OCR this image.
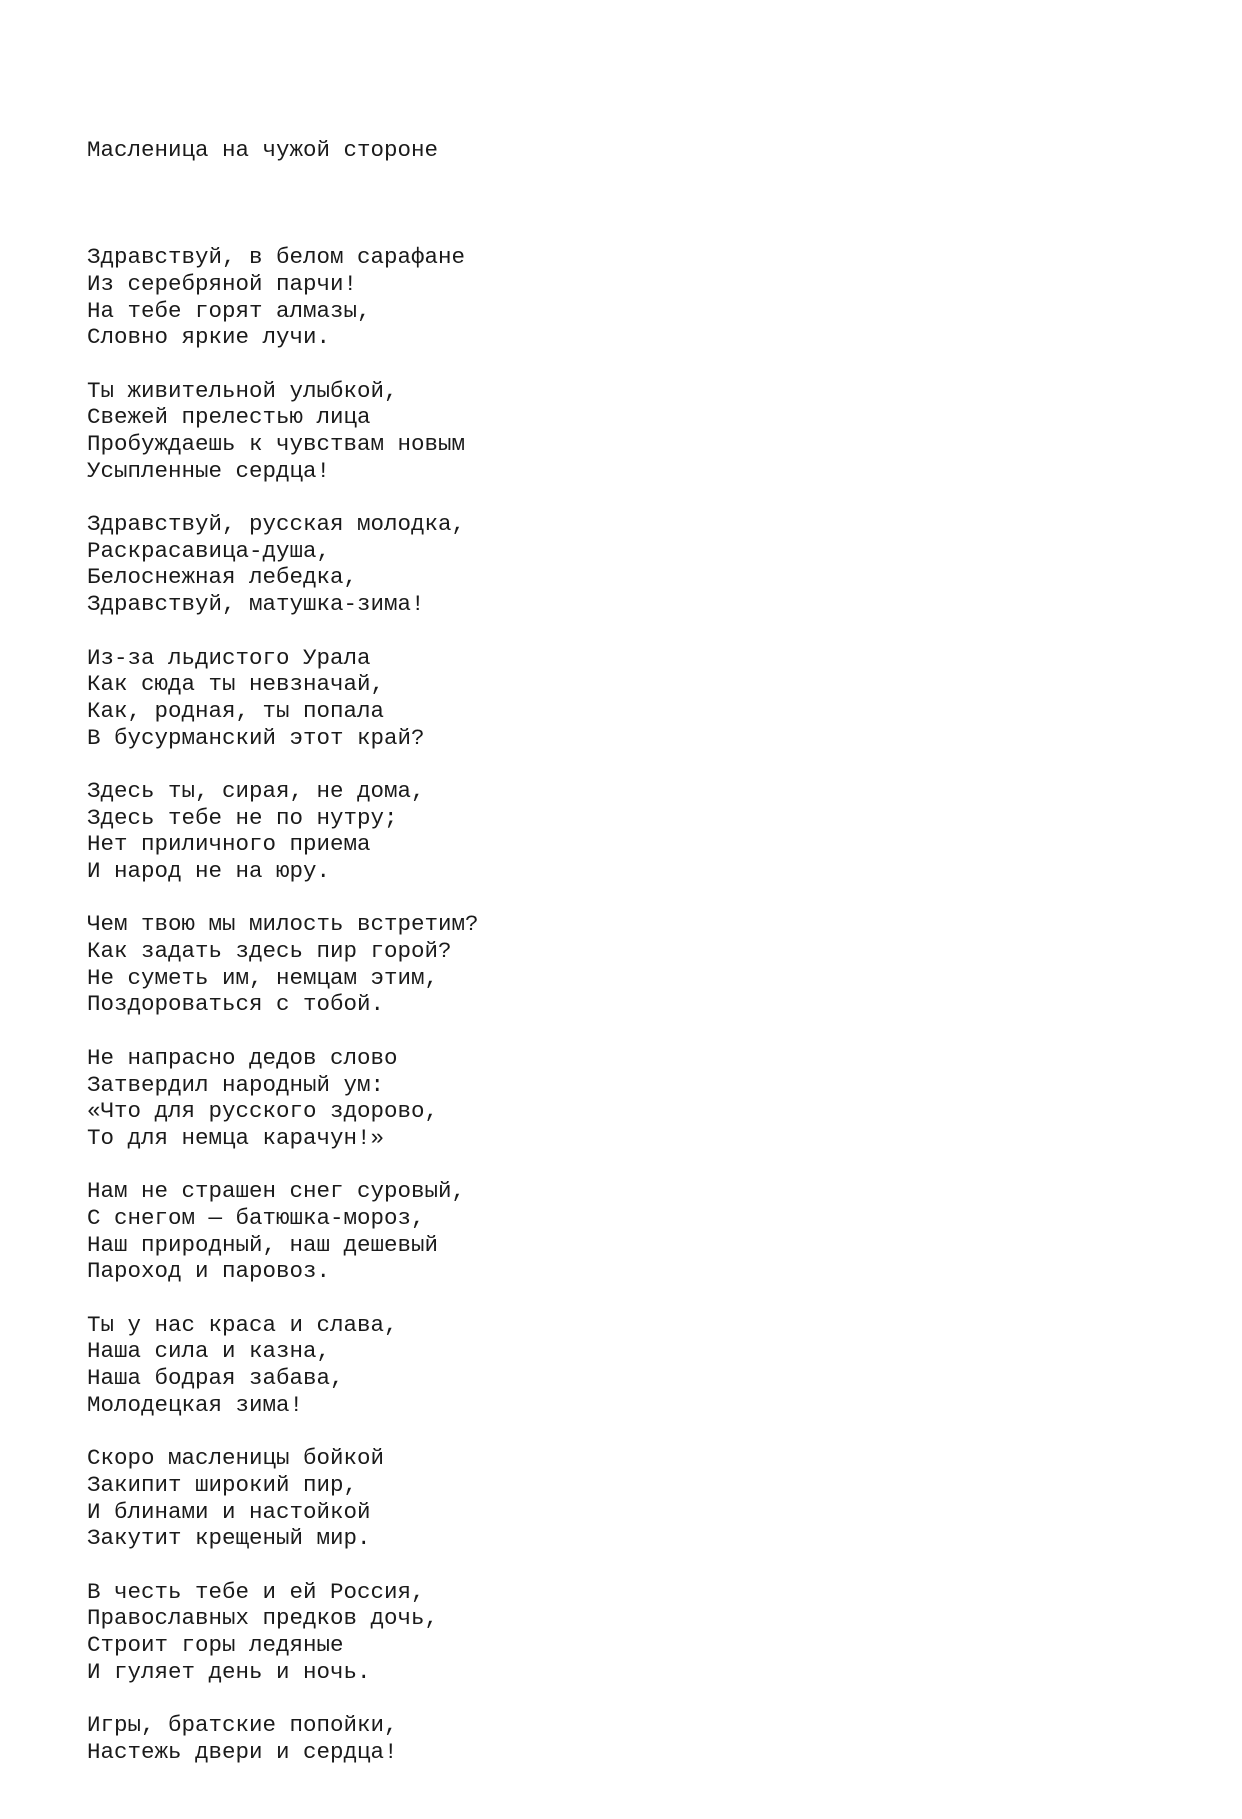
Масленица на чужой стороне

Здравствуй, в белом сарафане
Из серебряной парчи!
На тебе горят алмазы,
Словно яркие лучи.
Ты живительной улыбкой,
Свежей прелестью лица
Пробуждаешь к чувствам новым
Усыпленные сердца!
Здравствуй, русская молодка,
Раскрасавица-душа,
Белоснежная лебедка,
Здравствуй, матушка-зима!
Из-за льдистого Урала
Как сюда ты невзначай,
Как, родная, ты попала
В бусурманский этот край?
Здесь ты, сирая, не дома,
Здесь тебе не по нутру;
Нет приличного приема
И народ не на юру.
Чем твою мы милость встретим?
Как задать здесь пир горой?
Не суметь им, немцам этим,
Поздороваться с тобой.
Не напрасно дедов слово
Затвердил народный ум:
«Что для русского здорово,
То для немца карачун!»
Нам не страшен снег суровый,
С снегом — батюшка-мороз,
Наш природный, наш дешевый
Пароход и паровоз.
Ты у нас краса и слава,
Наша сила и казна,
Наша бодрая забава,
Молодецкая зима!
Скоро масленицы бойкой
Закипит широкий пир,
И блинами и настойкой
Закутит крещеный мир.
В честь тебе и ей Россия,
Православных предков дочь,
Строит горы ледяные
И гуляет день и ночь.
Игры, братские попойки,
Настежь двери и сердца!
